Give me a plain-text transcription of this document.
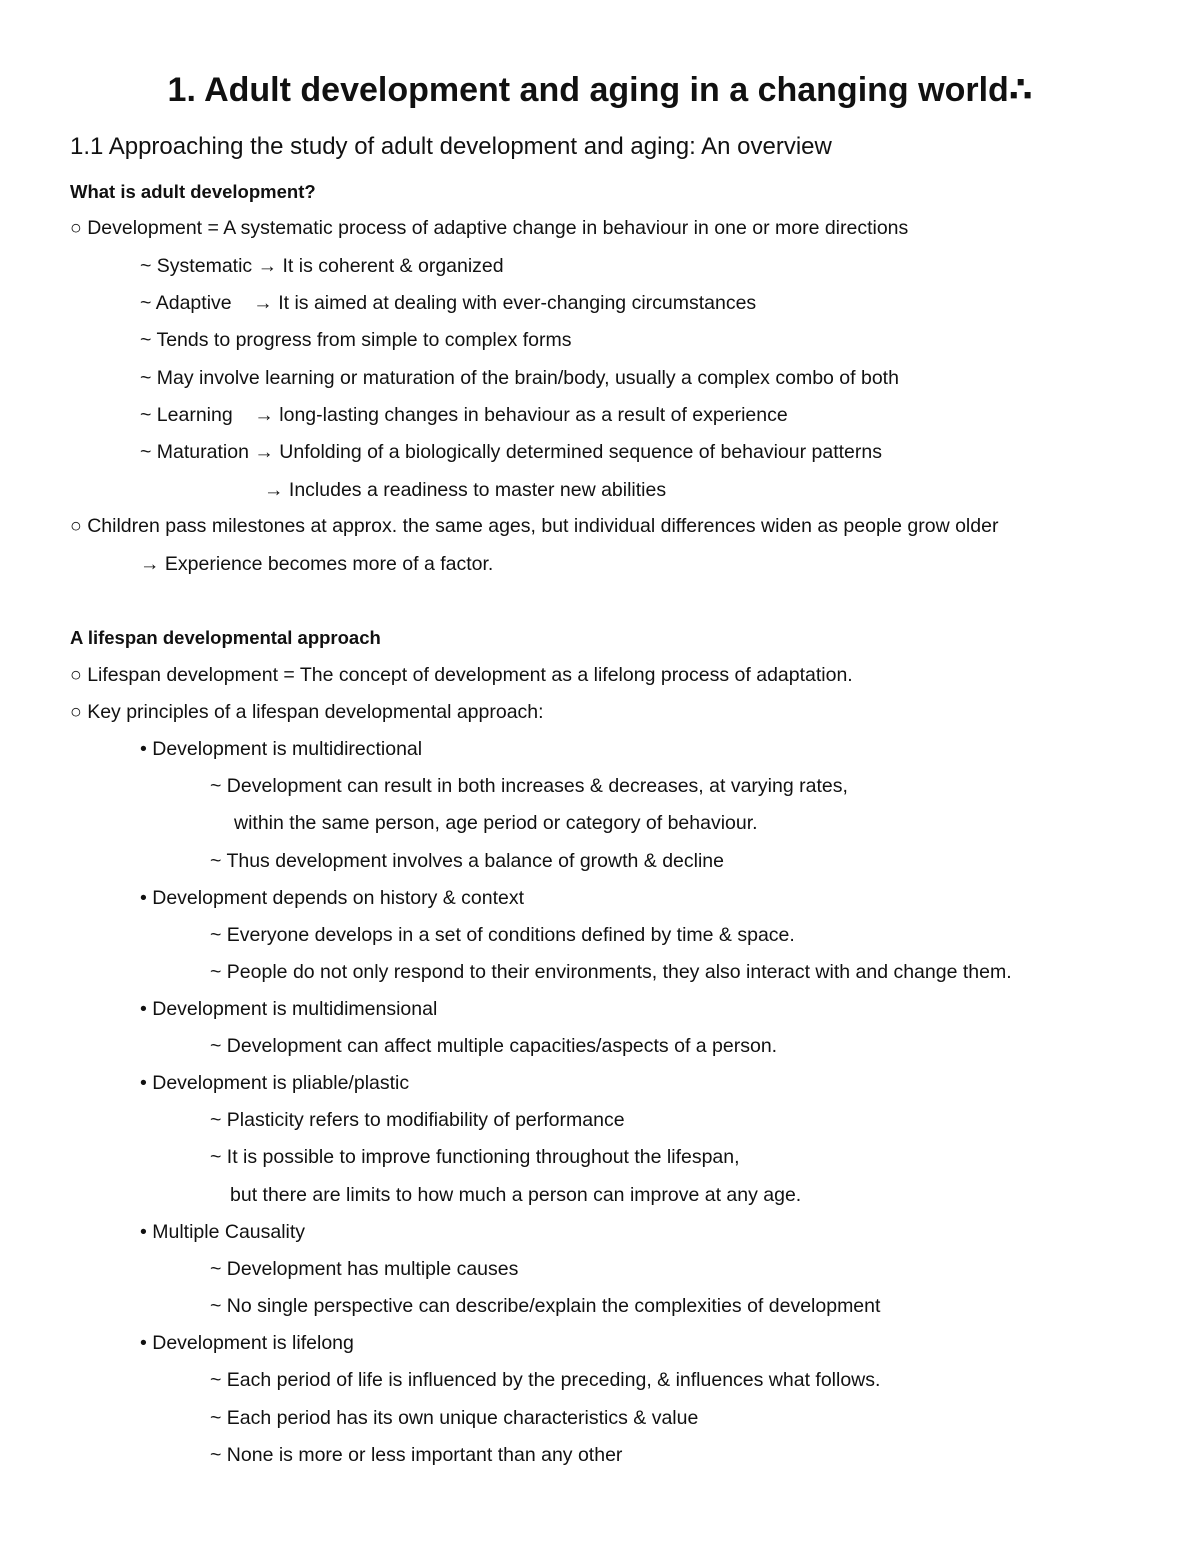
1. Adult development and aging in a changing world∴
1.1 Approaching the study of adult development and aging: An overview
What is adult development?
○ Development = A systematic process of adaptive change in behaviour in one or more directions
~ Systematic → It is coherent & organized
~ Adaptive    → It is aimed at dealing with ever-changing circumstances
~ Tends to progress from simple to complex forms
~ May involve learning or maturation of the brain/body, usually a complex combo of both
~ Learning    → long-lasting changes in behaviour as a result of experience
~ Maturation → Unfolding of a biologically determined sequence of behaviour patterns
→ Includes a readiness to master new abilities
○ Children pass milestones at approx. the same ages, but individual differences widen as people grow older
→ Experience becomes more of a factor.
A lifespan developmental approach
○ Lifespan development = The concept of development as a lifelong process of adaptation.
○ Key principles of a lifespan developmental approach:
• Development is multidirectional
~ Development can result in both increases & decreases, at varying rates,
within the same person, age period or category of behaviour.
~ Thus development involves a balance of growth & decline
• Development depends on history & context
~ Everyone develops in a set of conditions defined by time & space.
~ People do not only respond to their environments, they also interact with and change them.
• Development is multidimensional
~ Development can affect multiple capacities/aspects of a person.
• Development is pliable/plastic
~ Plasticity refers to modifiability of performance
~ It is possible to improve functioning throughout the lifespan,
but there are limits to how much a person can improve at any age.
• Multiple Causality
~ Development has multiple causes
~ No single perspective can describe/explain the complexities of development
• Development is lifelong
~ Each period of life is influenced by the preceding, & influences what follows.
~ Each period has its own unique characteristics & value
~ None is more or less important than any other
